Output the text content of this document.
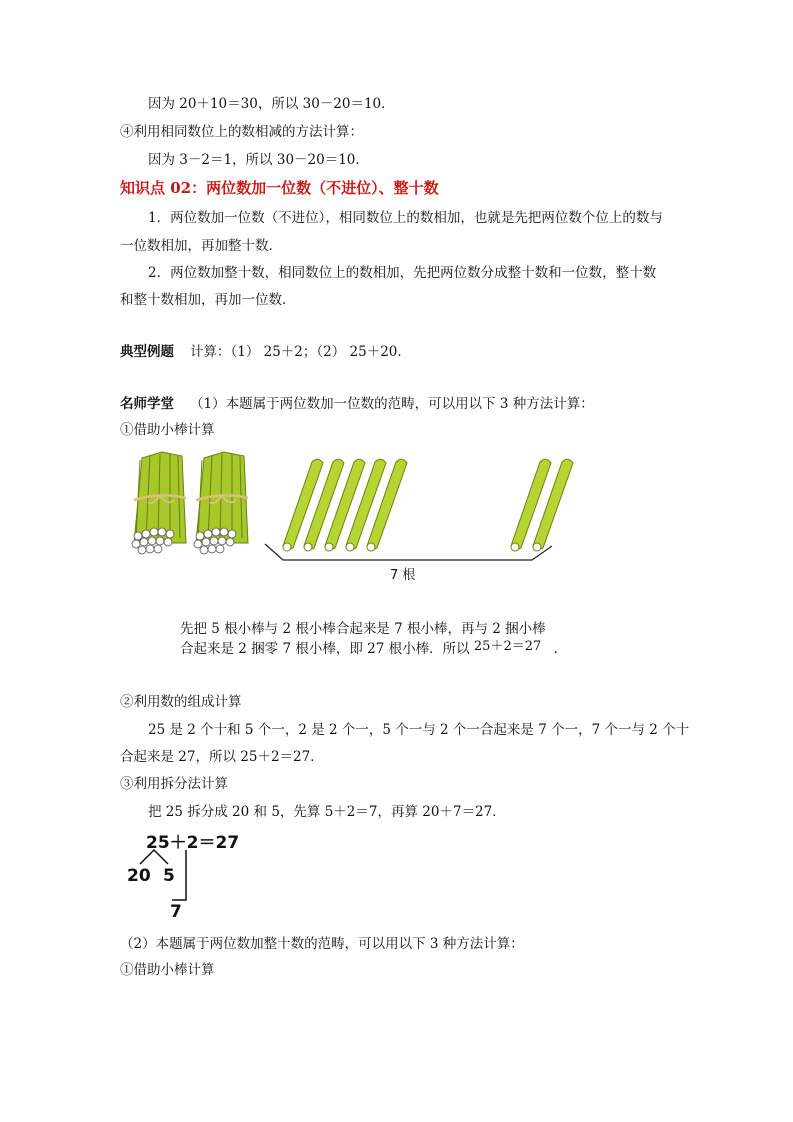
因为 20＋10＝30，所以 30－20＝10．
④利用相同数位上的数相减的方法计算：
因为 3－2＝1，所以 30－20＝10．
知识点 02：两位数加一位数（不进位）、整十数
1．两位数加一位数（不进位），相同数位上的数相加，也就是先把两位数个位上的数与
一位数相加，再加整十数．
2．两位数加整十数，相同数位上的数相加，先把两位数分成整十数和一位数，整十数
和整十数相加，再加一位数．
典型例题 计算：（1） 25＋2；（2） 25＋20．
名师学堂 （1）本题属于两位数加一位数的范畴，可以用以下 3 种方法计算：
①借助小棒计算
7 根
先把 5 根小棒与 2 根小棒合起来是 7 根小棒，再与 2 捆小棒
合起来是 2 捆零 7 根小棒，即 27 根小棒．所以 25＋2＝27 ．
②利用数的组成计算
25 是 2 个十和 5 个一，2 是 2 个一，5 个一与 2 个一合起来是 7 个一，7 个一与 2 个十
合起来是 27，所以 25＋2＝27．
③利用拆分法计算
把 25 拆分成 20 和 5，先算 5＋2＝7，再算 20＋7＝27．
25＋2＝27
20 5
7
（2）本题属于两位数加整十数的范畴，可以用以下 3 种方法计算：
①借助小棒计算
